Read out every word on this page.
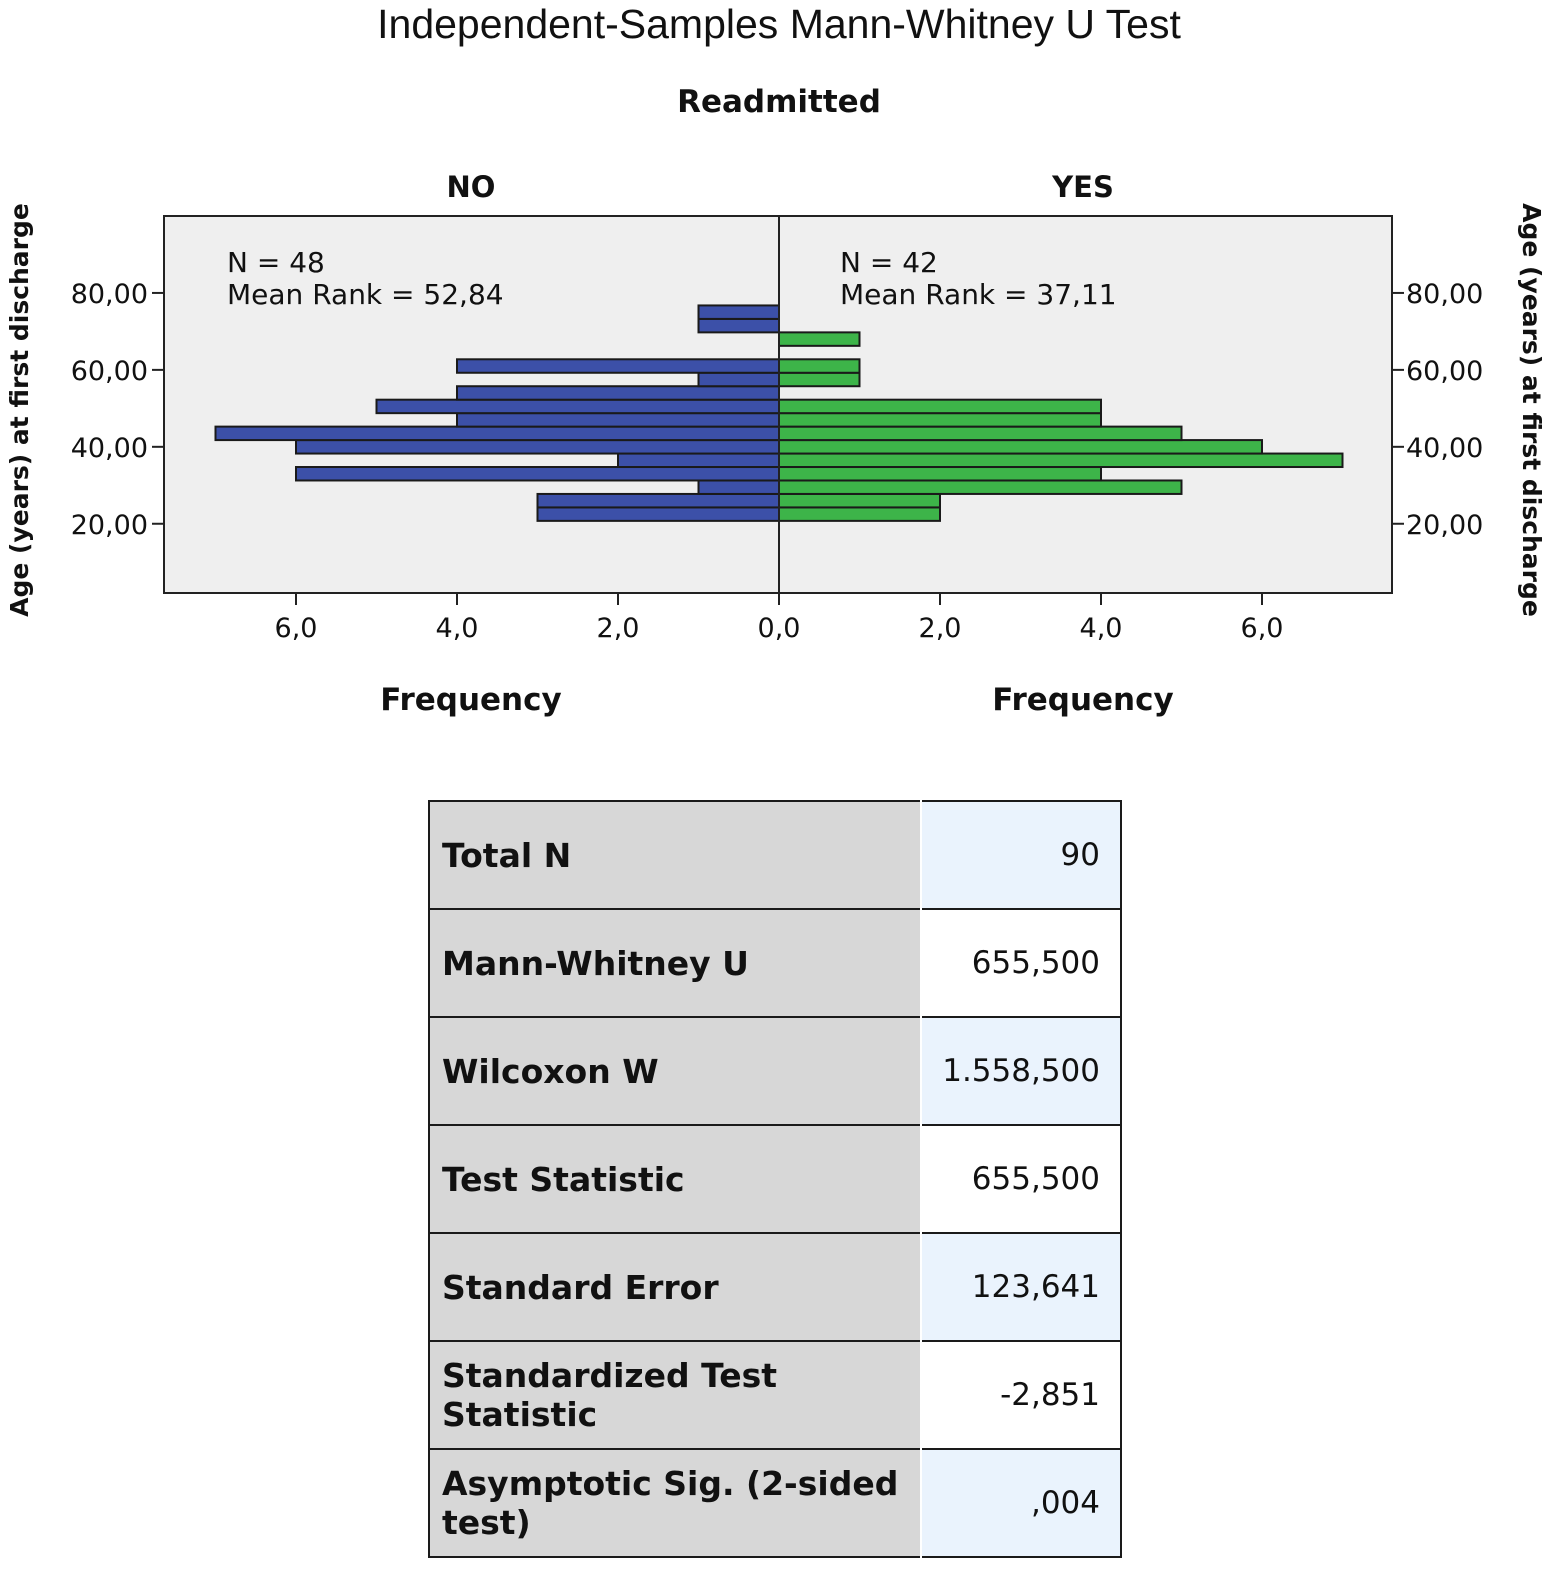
Independent-Samples Mann-Whitney U Test
Readmitted
NO	YES
N = 48
Mean Rank = 52,84
N = 42
Mean Rank = 37,11
20,00
40,00
60,00
80,00
20,00
40,00
60,00
80,00
6,0	4,0	2,0	0,0	2,0	4,0	6,0
Age (years) at first discharge	Age (years) at first discharge
Frequency	Frequency
Total N	90
Mann-Whitney U	655,500
Wilcoxon W	1.558,500
Test Statistic	655,500
Standard Error	123,641
Standardized Test Statistic	-2,851
Asymptotic Sig. (2-sided test)	,004
